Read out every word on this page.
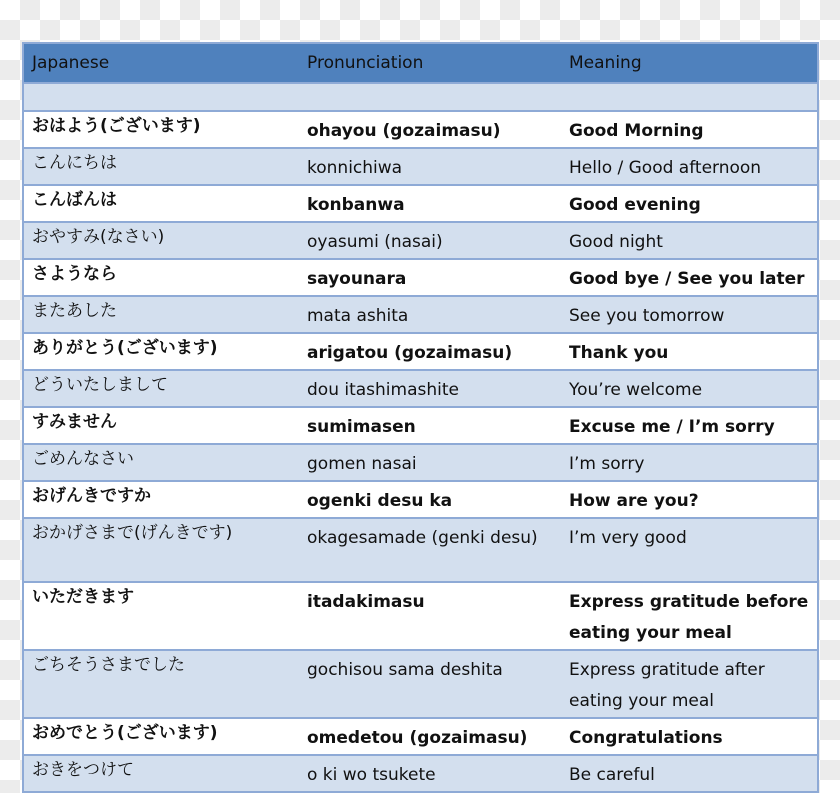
Japanese	Pronunciation	Meaning

おはよう(ございます)	ohayou (gozaimasu)	Good Morning
こんにちは	konnichiwa	Hello / Good afternoon
こんばんは	konbanwa	Good evening
おやすみ(なさい)	oyasumi (nasai)	Good night
さようなら	sayounara	Good bye / See you later
またあした	mata ashita	See you tomorrow
ありがとう(ございます)	arigatou (gozaimasu)	Thank you
どういたしまして	dou itashimashite	You’re welcome
すみません	sumimasen	Excuse me / I’m sorry
ごめんなさい	gomen nasai	I’m sorry
おげんきですか	ogenki desu ka	How are you?
おかげさまで(げんきです)	okagesamade (genki desu)	I’m very good
いただきます	itadakimasu	Express gratitude before eating your meal
ごちそうさまでした	gochisou sama deshita	Express gratitude after eating your meal
おめでとう(ございます)	omedetou (gozaimasu)	Congratulations
おきをつけて	o ki wo tsukete	Be careful
